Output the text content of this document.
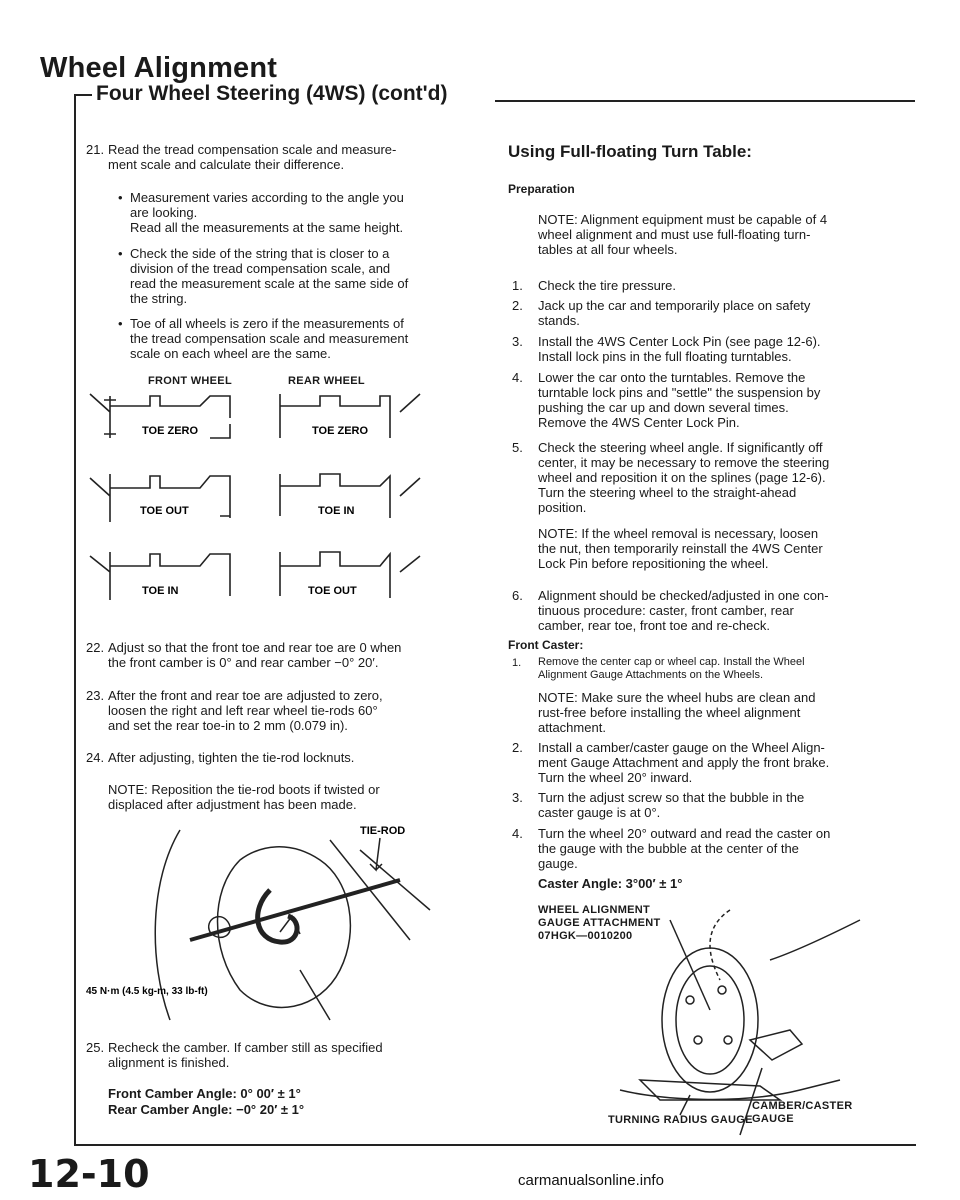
Wheel Alignment
Four Wheel Steering (4WS) (cont'd)
21. Read the tread compensation scale and measure-
ment scale and calculate their difference.
• Measurement varies according to the angle you
are looking.
Read all the measurements at the same height.
• Check the side of the string that is closer to a
division of the tread compensation scale, and
read the measurement scale at the same side of
the string.
• Toe of all wheels is zero if the measurements of
the tread compensation scale and measurement
scale on each wheel are the same.
FRONT WHEEL	REAR WHEEL
TOE ZERO	TOE ZERO
TOE OUT	TOE IN
TOE IN	TOE OUT
22. Adjust so that the front toe and rear toe are 0 when
the front camber is 0° and rear camber −0° 20′.
23. After the front and rear toe are adjusted to zero,
loosen the right and left rear wheel tie-rods 60°
and set the rear toe-in to 2 mm (0.079 in).
24. After adjusting, tighten the tie-rod locknuts.
NOTE: Reposition the tie-rod boots if twisted or
displaced after adjustment has been made.
TIE-ROD
45 N·m (4.5 kg-m, 33 lb-ft)
25. Recheck the camber. If camber still as specified
alignment is finished.
Front Camber Angle: 0° 00′ ± 1°
Rear Camber Angle: −0° 20′ ± 1°
Using Full-floating Turn Table:
Preparation
NOTE: Alignment equipment must be capable of 4
wheel alignment and must use full-floating turn-
tables at all four wheels.
1. Check the tire pressure.
2. Jack up the car and temporarily place on safety
stands.
3. Install the 4WS Center Lock Pin (see page 12-6).
Install lock pins in the full floating turntables.
4. Lower the car onto the turntables. Remove the
turntable lock pins and "settle" the suspension by
pushing the car up and down several times.
Remove the 4WS Center Lock Pin.
5. Check the steering wheel angle. If significantly off
center, it may be necessary to remove the steering
wheel and reposition it on the splines (page 12-6).
Turn the steering wheel to the straight-ahead
position.
NOTE: If the wheel removal is necessary, loosen
the nut, then temporarily reinstall the 4WS Center
Lock Pin before repositioning the wheel.
6. Alignment should be checked/adjusted in one con-
tinuous procedure: caster, front camber, rear
camber, rear toe, front toe and re-check.
Front Caster:
1. Remove the center cap or wheel cap. Install the Wheel
Alignment Gauge Attachments on the Wheels.
NOTE: Make sure the wheel hubs are clean and
rust-free before installing the wheel alignment
attachment.
2. Install a camber/caster gauge on the Wheel Align-
ment Gauge Attachment and apply the front brake.
Turn the wheel 20° inward.
3. Turn the adjust screw so that the bubble in the
caster gauge is at 0°.
4. Turn the wheel 20° outward and read the caster on
the gauge with the bubble at the center of the
gauge.
Caster Angle: 3°00′ ± 1°
WHEEL ALIGNMENT
GAUGE ATTACHMENT
07HGK—0010200
TURNING RADIUS GAUGE
CAMBER/CASTER
GAUGE
12-10	carmanualsonline.info
